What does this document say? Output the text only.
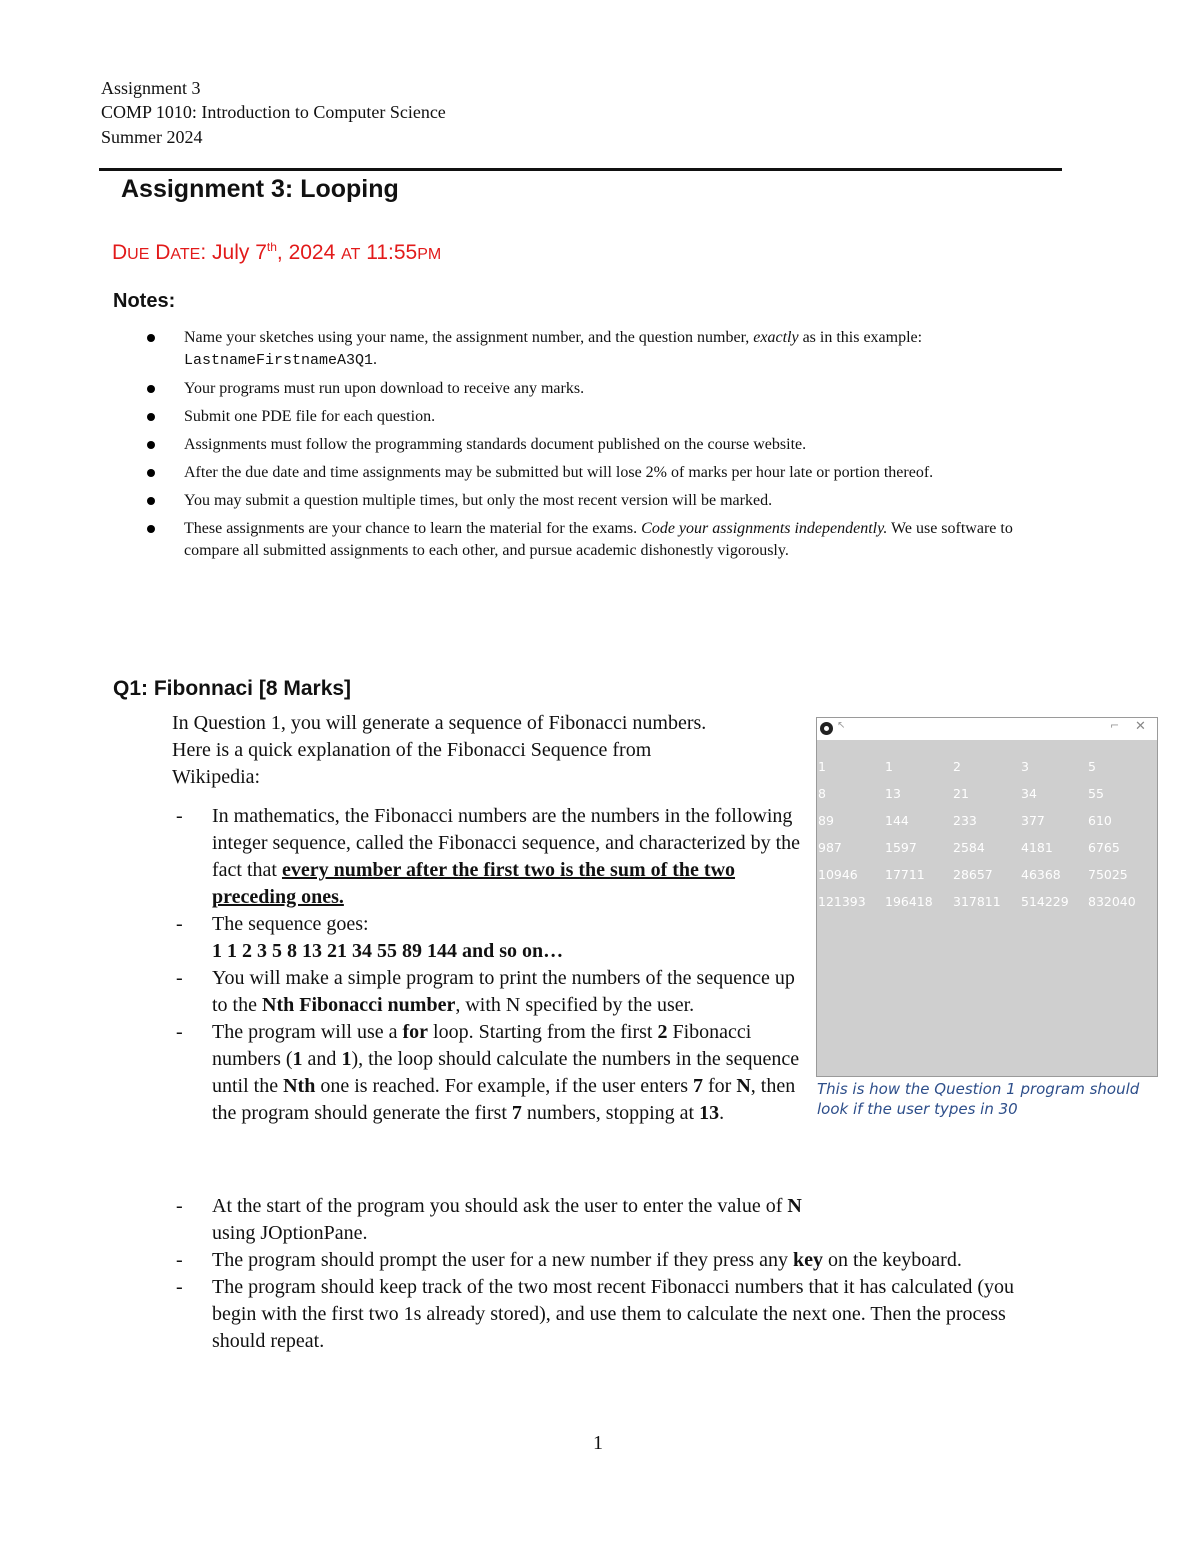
Assignment 3
COMP 1010: Introduction to Computer Science
Summer 2024
Assignment 3: Looping
DUE DATE: July 7th, 2024 AT 11:55PM
Notes:
Name your sketches using your name, the assignment number, and the question number, exactly as in this example: LastnameFirstnameA3Q1.
Your programs must run upon download to receive any marks.
Submit one PDE file for each question.
Assignments must follow the programming standards document published on the course website.
After the due date and time assignments may be submitted but will lose 2% of marks per hour late or portion thereof.
You may submit a question multiple times, but only the most recent version will be marked.
These assignments are your chance to learn the material for the exams. Code your assignments independently. We use software to compare all submitted assignments to each other, and pursue academic dishonestly vigorously.
Q1: Fibonnaci [8 Marks]
In Question 1, you will generate a sequence of Fibonacci numbers. Here is a quick explanation of the Fibonacci Sequence from Wikipedia:
- In mathematics, the Fibonacci numbers are the numbers in the following integer sequence, called the Fibonacci sequence, and characterized by the fact that every number after the first two is the sum of the two preceding ones.
- The sequence goes:
1 1 2 3 5 8 13 21 34 55 89 144 and so on…
- You will make a simple program to print the numbers of the sequence up to the Nth Fibonacci number, with N specified by the user.
- The program will use a for loop. Starting from the first 2 Fibonacci numbers (1 and 1), the loop should calculate the numbers in the sequence until the Nth one is reached. For example, if the user enters 7 for N, then the program should generate the first 7 numbers, stopping at 13.
- At the start of the program you should ask the user to enter the value of N using JOptionPane.
- The program should prompt the user for a new number if they press any key on the keyboard.
- The program should keep track of the two most recent Fibonacci numbers that it has calculated (you begin with the first two 1s already stored), and use them to calculate the next one. Then the process should repeat.
↖	⌐ ✕
1	1	2	3	5
8	13	21	34	55
89	144	233	377	610
987	1597	2584	4181	6765
10946 17711 28657 46368 75025
121393 196418 317811 514229 832040
This is how the Question 1 program should look if the user types in 30
1
